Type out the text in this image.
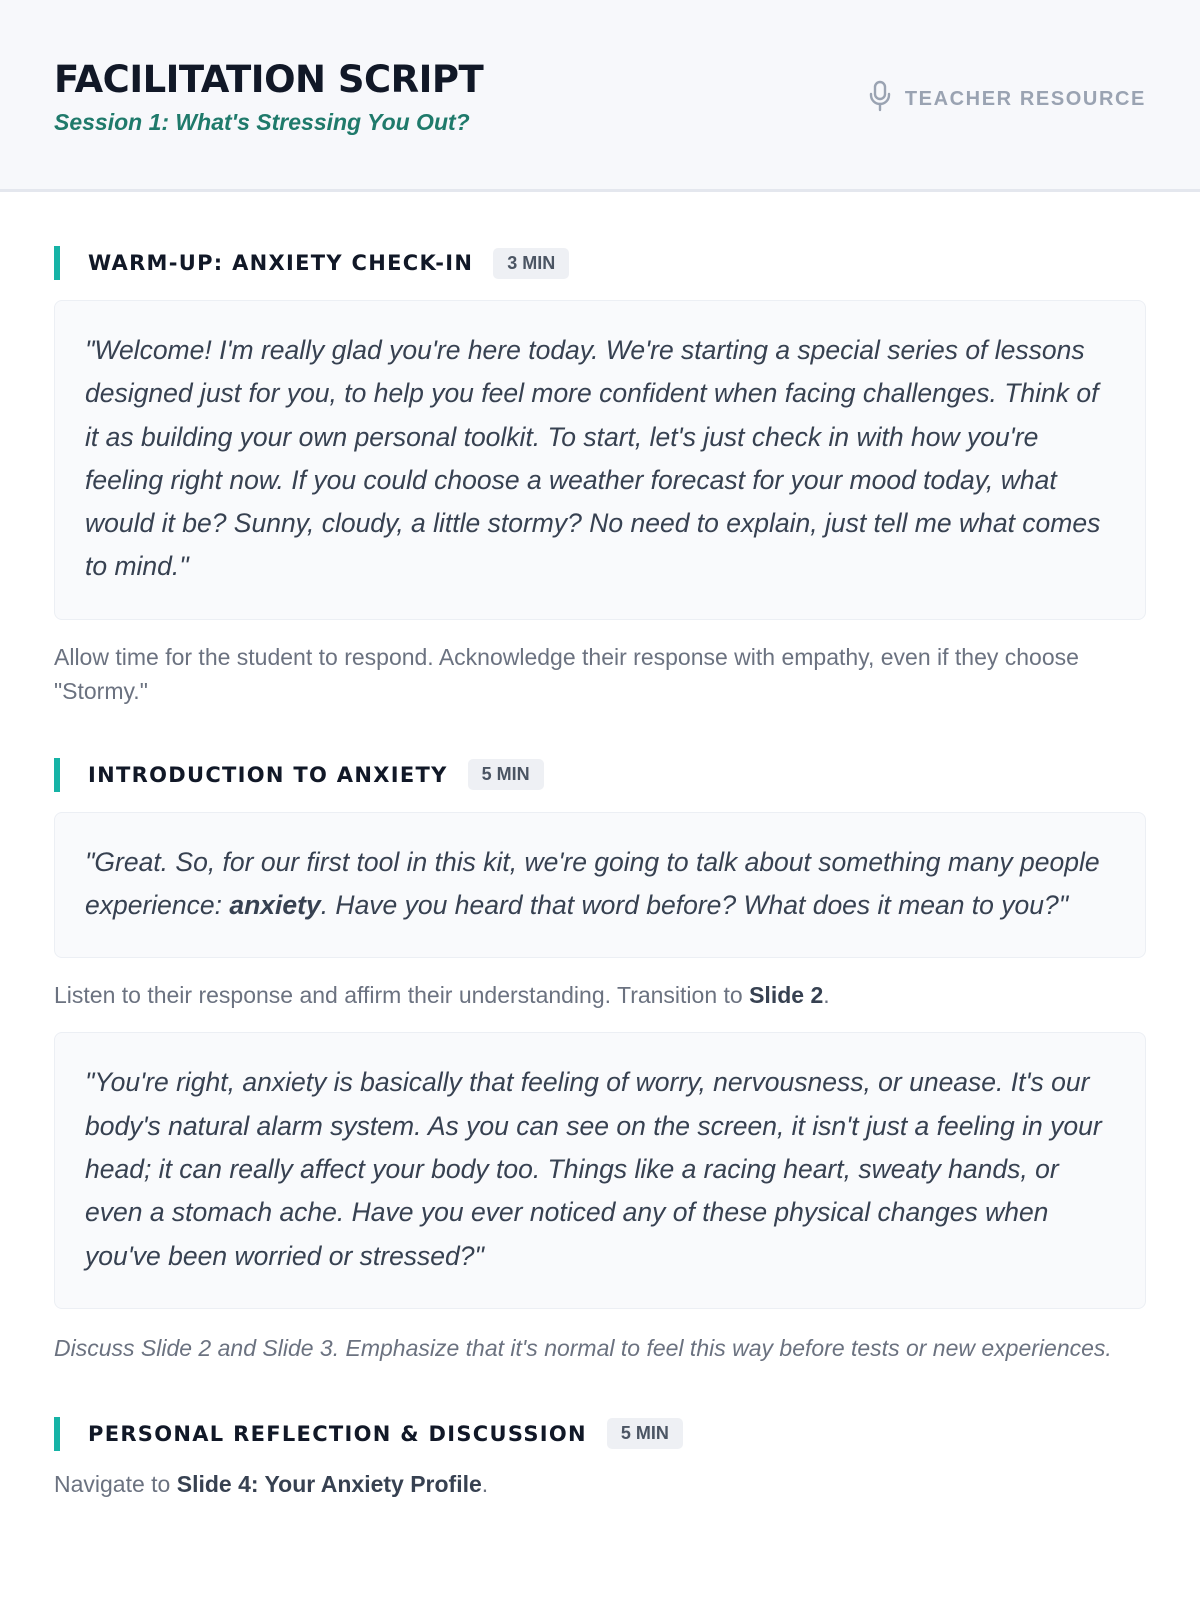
FACILITATION SCRIPT
Session 1: What's Stressing You Out?
TEACHER RESOURCE
WARM-UP: ANXIETY CHECK-IN	3 MIN
"Welcome! I'm really glad you're here today. We're starting a special series of lessons designed just for you, to help you feel more confident when facing challenges. Think of it as building your own personal toolkit. To start, let's just check in with how you're feeling right now. If you could choose a weather forecast for your mood today, what would it be? Sunny, cloudy, a little stormy? No need to explain, just tell me what comes to mind."
Allow time for the student to respond. Acknowledge their response with empathy, even if they choose "Stormy."
INTRODUCTION TO ANXIETY	5 MIN
"Great. So, for our first tool in this kit, we're going to talk about something many people experience: anxiety. Have you heard that word before? What does it mean to you?"
Listen to their response and affirm their understanding. Transition to Slide 2.
"You're right, anxiety is basically that feeling of worry, nervousness, or unease. It's our body's natural alarm system. As you can see on the screen, it isn't just a feeling in your head; it can really affect your body too. Things like a racing heart, sweaty hands, or even a stomach ache. Have you ever noticed any of these physical changes when you've been worried or stressed?"
Discuss Slide 2 and Slide 3. Emphasize that it's normal to feel this way before tests or new experiences.
PERSONAL REFLECTION & DISCUSSION	5 MIN
Navigate to Slide 4: Your Anxiety Profile.
